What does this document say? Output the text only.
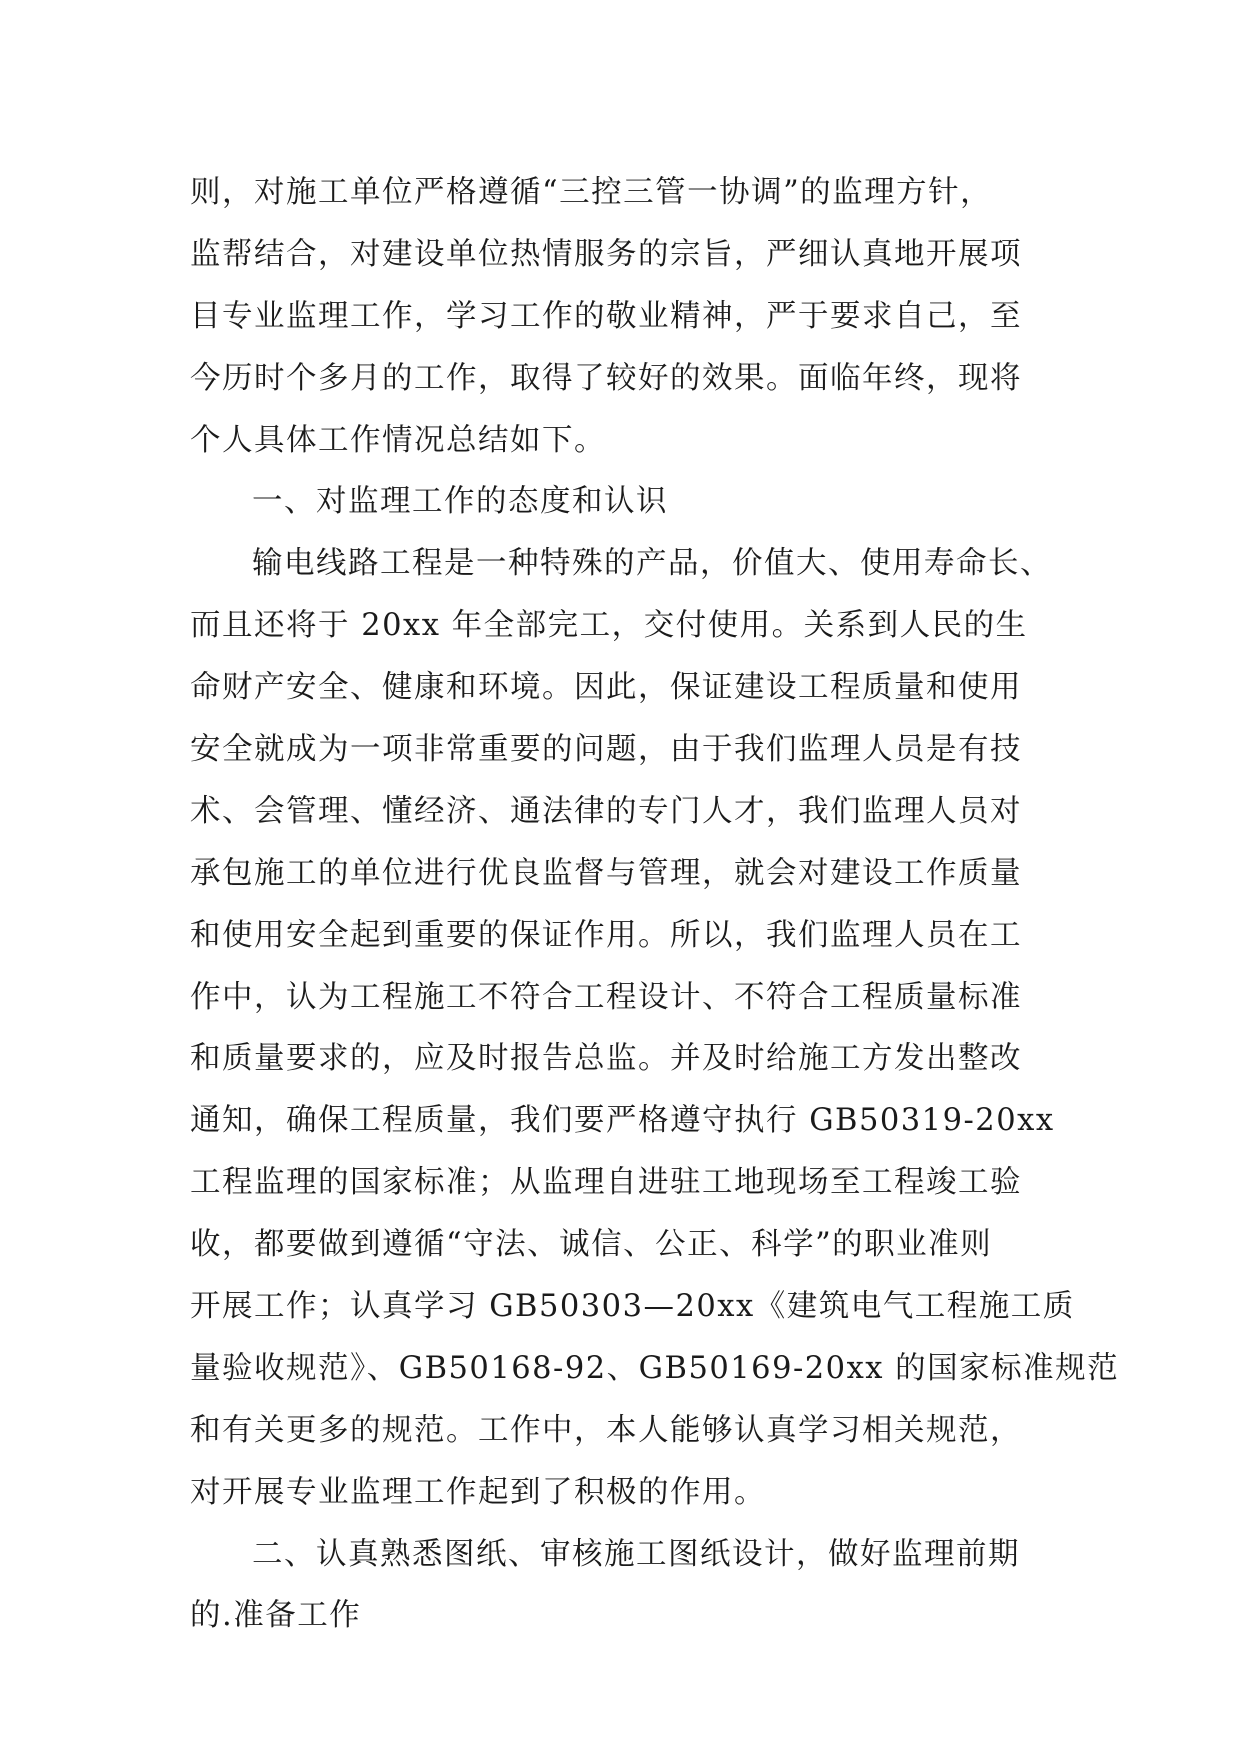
则，对施工单位严格遵循“三控三管一协调”的监理方针，
监帮结合，对建设单位热情服务的宗旨，严细认真地开展项
目专业监理工作，学习工作的敬业精神，严于要求自己，至
今历时个多月的工作，取得了较好的效果。面临年终，现将
个人具体工作情况总结如下。
一、对监理工作的态度和认识
输电线路工程是一种特殊的产品，价值大、使用寿命长、
而且还将于 20xx 年全部完工，交付使用。关系到人民的生
命财产安全、健康和环境。因此，保证建设工程质量和使用
安全就成为一项非常重要的问题，由于我们监理人员是有技
术、会管理、懂经济、通法律的专门人才，我们监理人员对
承包施工的单位进行优良监督与管理，就会对建设工作质量
和使用安全起到重要的保证作用。所以，我们监理人员在工
作中，认为工程施工不符合工程设计、不符合工程质量标准
和质量要求的，应及时报告总监。并及时给施工方发出整改
通知，确保工程质量，我们要严格遵守执行 GB50319-20xx
工程监理的国家标准；从监理自进驻工地现场至工程竣工验
收，都要做到遵循“守法、诚信、公正、科学”的职业准则
开展工作；认真学习 GB50303—20xx《建筑电气工程施工质
量验收规范》、GB50168-92、GB50169-20xx 的国家标准规范
和有关更多的规范。工作中，本人能够认真学习相关规范，
对开展专业监理工作起到了积极的作用。
二、认真熟悉图纸、审核施工图纸设计，做好监理前期
的.准备工作
